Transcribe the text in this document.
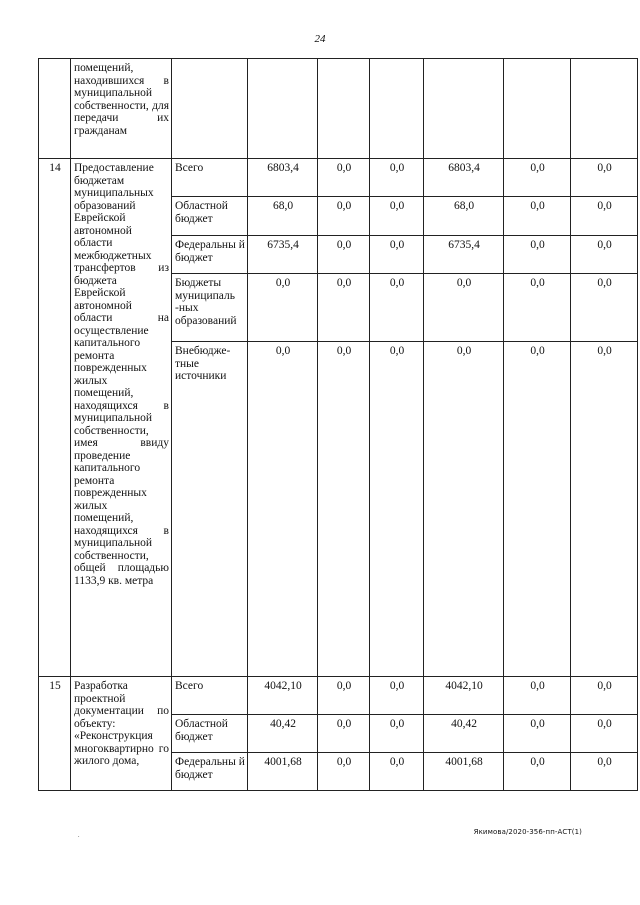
24
	помещений, находившихся в муниципальной собственности, для передачи их гражданам							
14	Предоставление бюджетам муниципальных образований Еврейской автономной области межбюджетных трансфертов из бюджета Еврейской автономной области на осуществление капитального ремонта поврежденных жилых помещений, находящихся в муниципальной собственности, имея ввиду проведение капитального ремонта поврежденных жилых помещений, находящихся в муниципальной собственности, общей площадью 1133,9 кв. метра	Всего	6803,4	0,0	0,0	6803,4	0,0	0,0
		Областной бюджет	68,0	0,0	0,0	68,0	0,0	0,0
		Федеральны й бюджет	6735,4	0,0	0,0	6735,4	0,0	0,0
		Бюджеты муниципаль -ных образований	0,0	0,0	0,0	0,0	0,0	0,0
		Внебюдже- тные источники	0,0	0,0	0,0	0,0	0,0	0,0
15	Разработка проектной документации по объекту: «Реконструкция многоквартирно го жилого дома,	Всего	4042,10	0,0	0,0	4042,10	0,0	0,0
		Областной бюджет	40,42	0,0	0,0	40,42	0,0	0,0
		Федеральны й бюджет	4001,68	0,0	0,0	4001,68	0,0	0,0
.	Якимова/2020-356-пп-АСТ(1)
